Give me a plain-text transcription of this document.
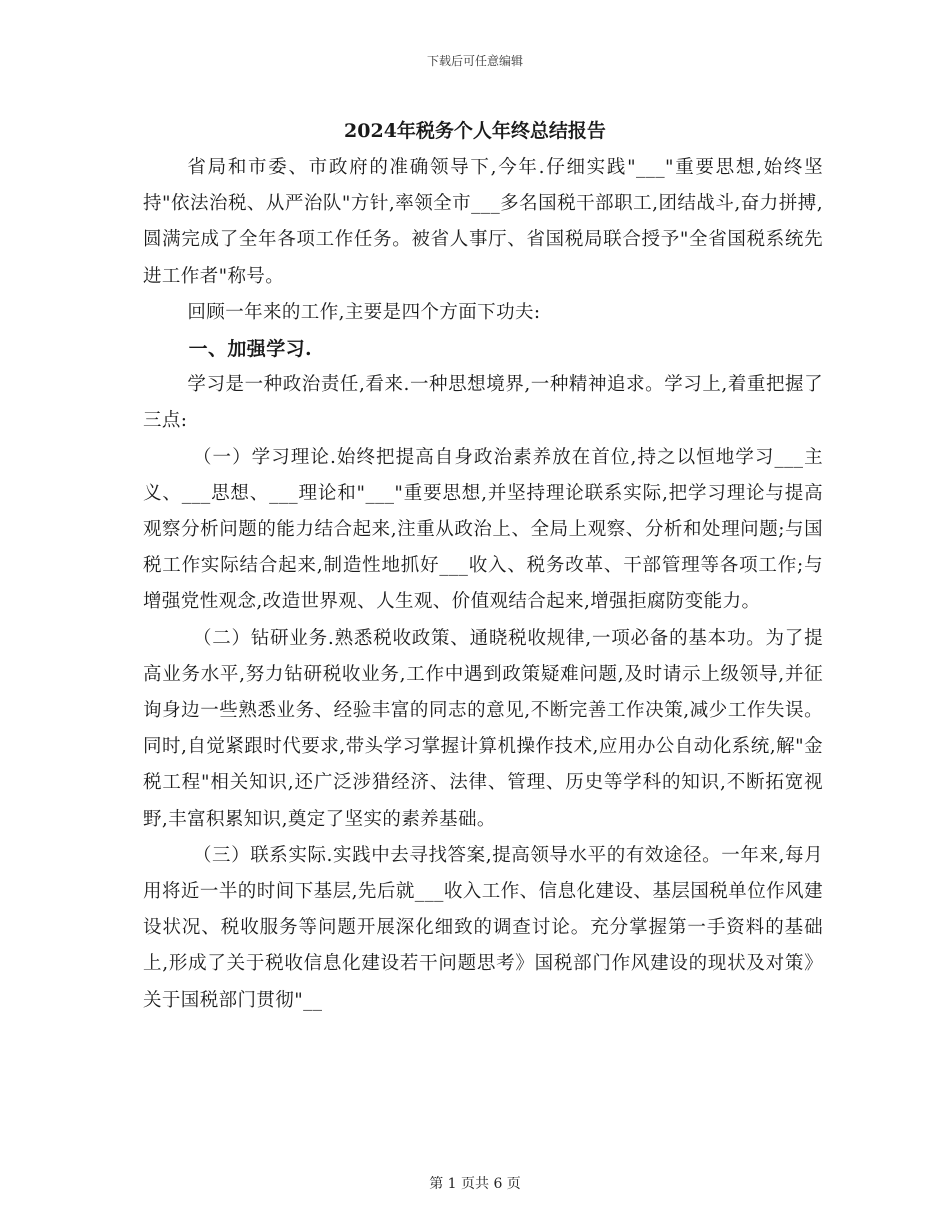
下载后可任意编辑
2024年税务个人年终总结报告

省局和市委、市政府的准确领导下,今年.仔细实践"___"重要思想,始终坚持"依法治税、从严治队"方针,率领全市___多名国税干部职工,团结战斗,奋力拼搏,圆满完成了全年各项工作任务。被省人事厅、省国税局联合授予"全省国税系统先进工作者"称号。

回顾一年来的工作,主要是四个方面下功夫:

一、加强学习.

学习是一种政治责任,看来.一种思想境界,一种精神追求。学习上,着重把握了三点:

（一）学习理论.始终把提高自身政治素养放在首位,持之以恒地学习___主义、___思想、___理论和"___"重要思想,并坚持理论联系实际,把学习理论与提高观察分析问题的能力结合起来,注重从政治上、全局上观察、分析和处理问题;与国税工作实际结合起来,制造性地抓好___收入、税务改革、干部管理等各项工作;与增强党性观念,改造世界观、人生观、价值观结合起来,增强拒腐防变能力。

（二）钻研业务.熟悉税收政策、通晓税收规律,一项必备的基本功。为了提高业务水平,努力钻研税收业务,工作中遇到政策疑难问题,及时请示上级领导,并征询身边一些熟悉业务、经验丰富的同志的意见,不断完善工作决策,减少工作失误。同时,自觉紧跟时代要求,带头学习掌握计算机操作技术,应用办公自动化系统,解"金税工程"相关知识,还广泛涉猎经济、法律、管理、历史等学科的知识,不断拓宽视野,丰富积累知识,奠定了坚实的素养基础。

（三）联系实际.实践中去寻找答案,提高领导水平的有效途径。一年来,每月用将近一半的时间下基层,先后就___收入工作、信息化建设、基层国税单位作风建设状况、税收服务等问题开展深化细致的调查讨论。充分掌握第一手资料的基础上,形成了关于税收信息化建设若干问题思考》国税部门作风建设的现状及对策》关于国税部门贯彻"__

第 1 页共 6 页
